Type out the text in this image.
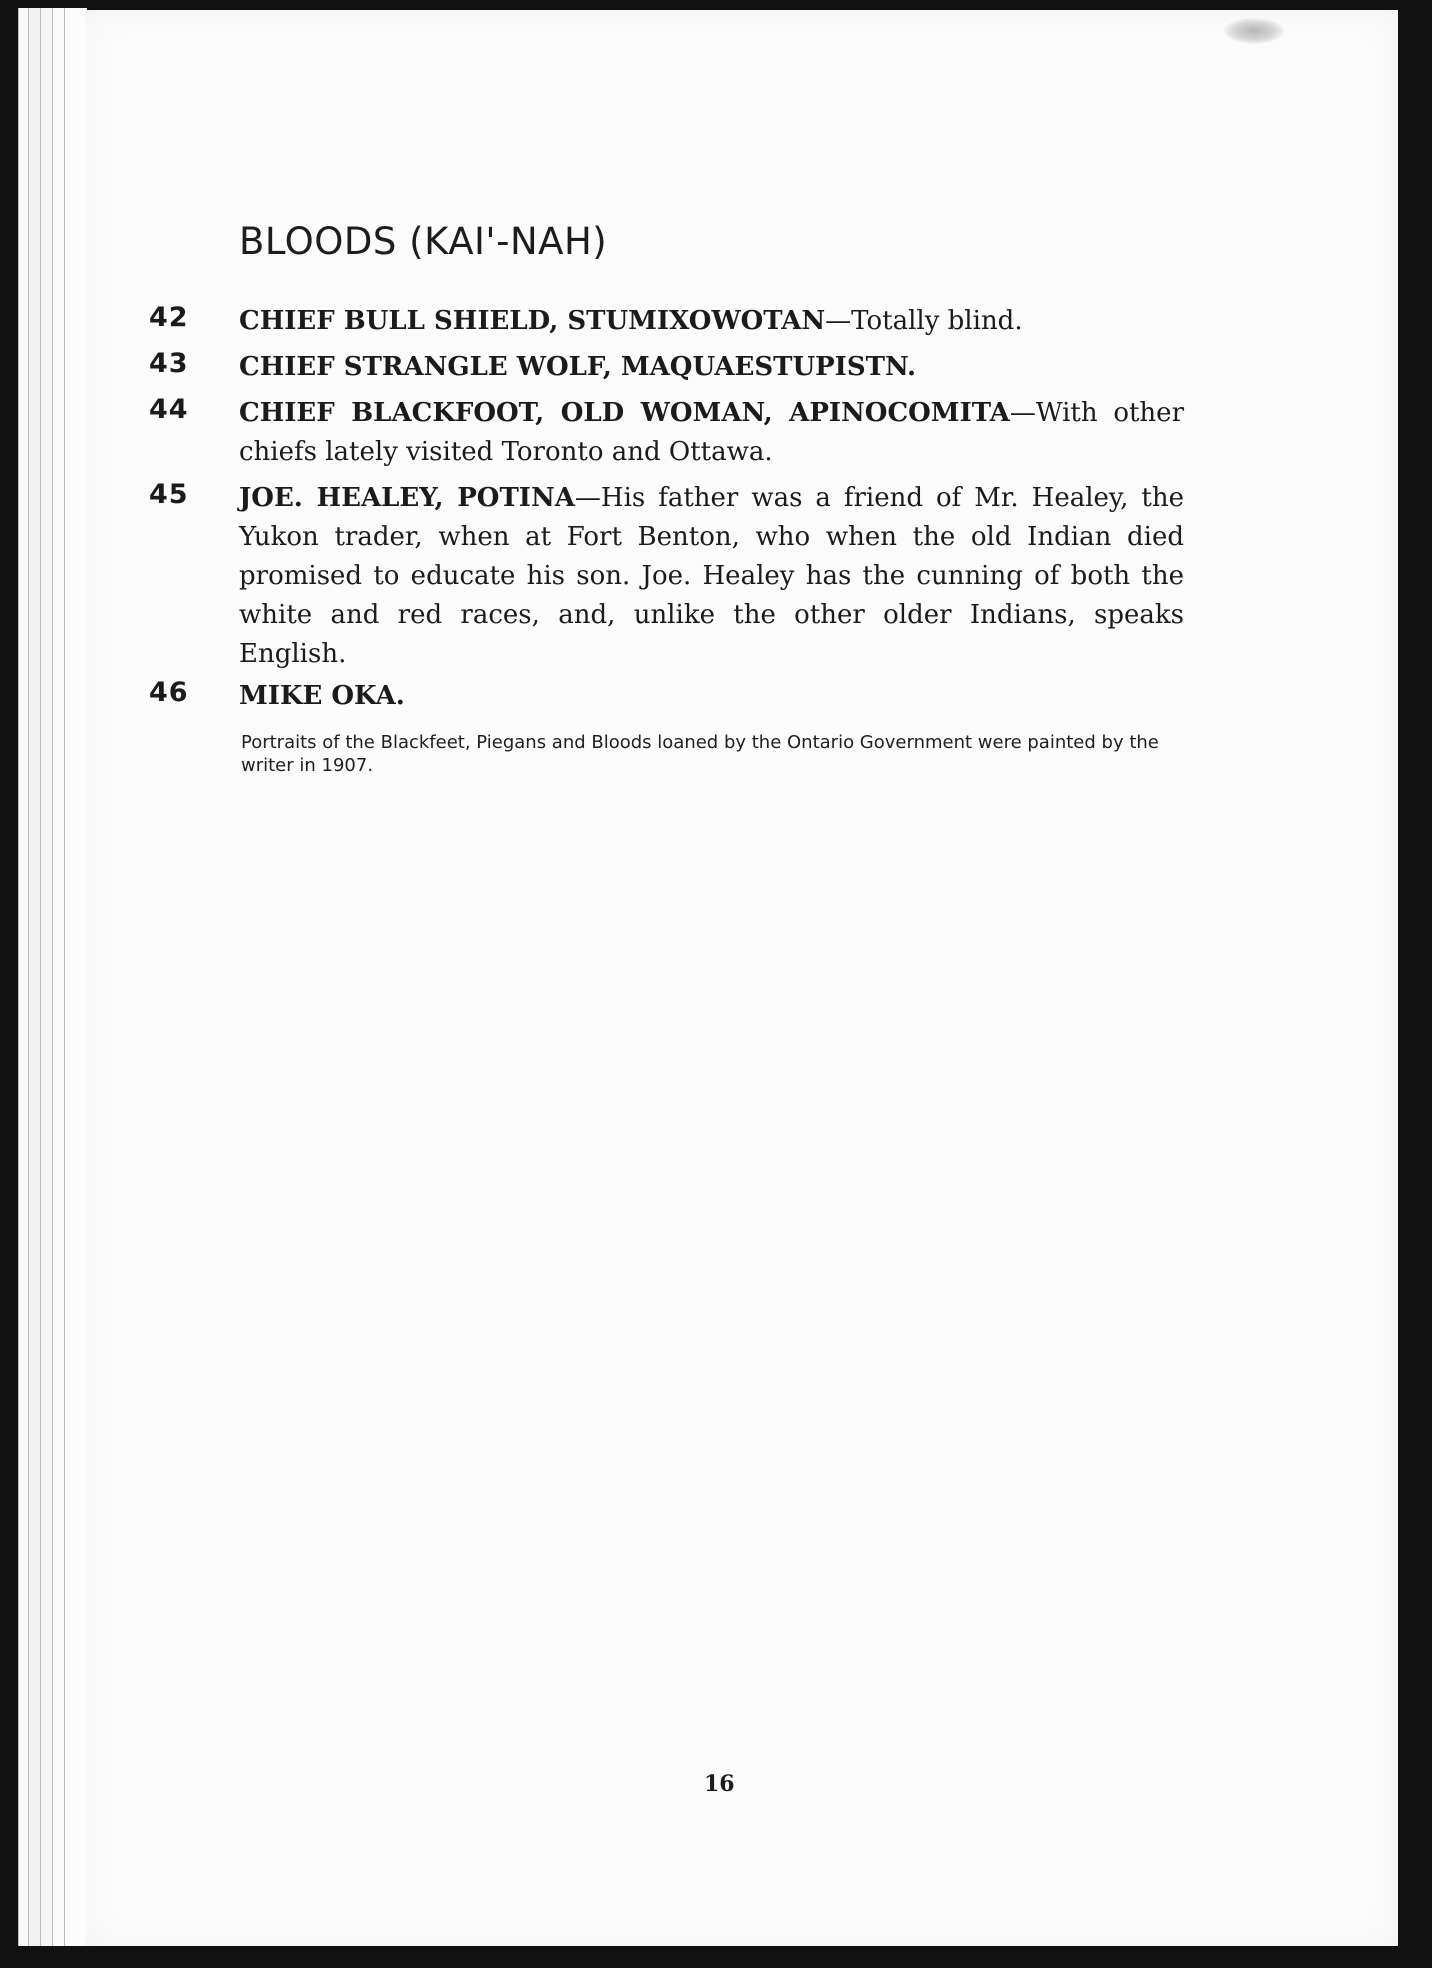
BLOODS (KAI'-NAH)
42 CHIEF BULL SHIELD, STUMIXOWOTAN—Totally blind.
43 CHIEF STRANGLE WOLF, MAQUAESTUPISTN.
44 CHIEF BLACKFOOT, OLD WOMAN, APINOCOMITA—With other chiefs lately visited Toronto and Ottawa.
45 JOE. HEALEY, POTINA—His father was a friend of Mr. Healey, the Yukon trader, when at Fort Benton, who when the old Indian died promised to educate his son. Joe. Healey has the cunning of both the white and red races, and, unlike the other older Indians, speaks English.
46 MIKE OKA.
Portraits of the Blackfeet, Piegans and Bloods loaned by the Ontario Government were painted by the writer in 1907.
16
